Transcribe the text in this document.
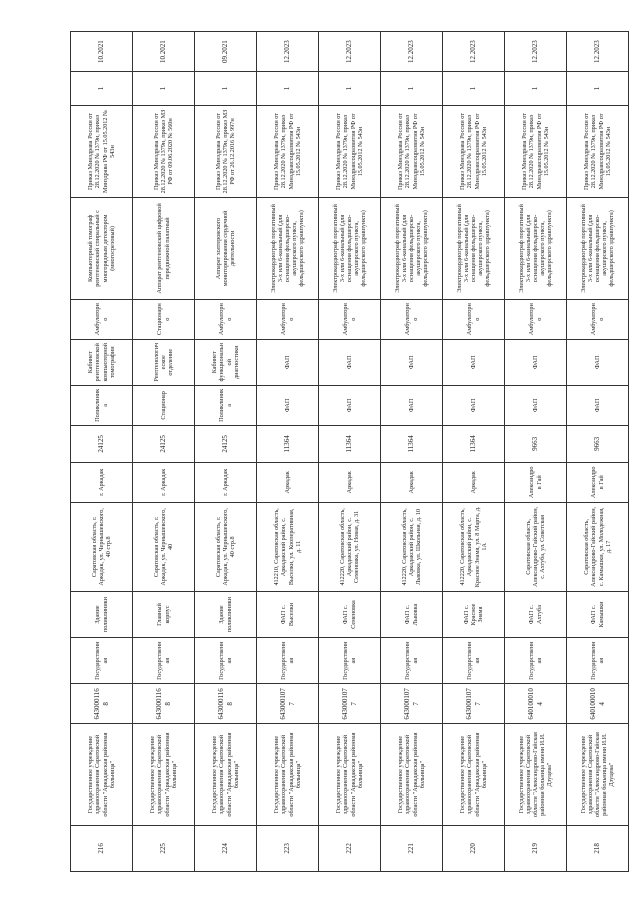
216	Государственное учреждение здравоохранения Саратовской области "Аркадакская районная больница"	6430001168	Государственная	Здание поликлиники	Саратовская область, г. Аркадак, ул. Чернышевского, 40 стр.8	г. Аркадак	24125	Поликлиника	Кабинет рентгеновской компьютерной томографии	Амбулаторно	Компьютерный томограф рентгеновский спиральный с многорядным детектором (многосрезовый)	Приказ Минздрава России от 28.12.2020 № 1379н, приказ Минздрава РФ от 15.05.2012 № 543н	1	10.2021
225	Государственное учреждение здравоохранения Саратовской области "Аркадакская районная больница"	6430001168	Государственная	Главный корпус	Саратовская область, г. Аркадак, ул. Чернышевского, 40	г. Аркадак	24125	Стационар	Рентгенологическое отделение	Стационарно	Аппарат рентгеновский цифровой передвижной палатный	Приказ Минздрава России от 28.12.2020 № 1379н, приказ МЗ РФ от 09.06.2020 № 560н	1	10.2021
224	Государственное учреждение здравоохранения Саратовской области "Аркадакская районная больница"	6430001168	Государственная	Здание поликлиники	Саратовская область, г. Аркадак, ул. Чернышевского, 40 стр.8	г. Аркадак	24125	Поликлиника	Кабинет функциональной диагностики	Амбулаторно	Аппарат холтеровского мониторирования сердечной деятельности	Приказ Минздрава России от 28.12.2020 № 1379н, приказ МЗ РФ от 26.12.2016 № 997н	1	09.2021
223	Государственное учреждение здравоохранения Саратовской области "Аркадакская районная больница"	6430001077	Государственная	ФАП с. Выселки	412210, Саратовская область, Аркадакский район, с. Выселки, ул. Кооперативная, д. 11	Аркадак	11364	ФАП	ФАП	Амбулаторно	Электрокардиограф портативный 3-х или 6-канальный (для оснащения фельдшерско-акушерского пункта, фельдшерского здравпункта)	Приказ Минздрава России от 28.12.2020 № 1379н, приказ Минздравсоцразвития РФ от 15.05.2012 № 543н	1	12.2023
222	Государственное учреждение здравоохранения Саратовской области "Аркадакская районная больница"	6430001077	Государственная	ФАП с. Семеновка	412220, Саратовская область, Аркадакский район, с. Семеновка, ул. Новая, д. 31	Аркадак	11364	ФАП	ФАП	Амбулаторно	Электрокардиограф портативный 3-х или 6-канальный (для оснащения фельдшерско-акушерского пункта, фельдшерского здравпункта)	Приказ Минздрава России от 28.12.2020 № 1379н, приказ Минздравсоцразвития РФ от 15.05.2012 № 543н	1	12.2023
221	Государственное учреждение здравоохранения Саратовской области "Аркадакская районная больница"	6430001077	Государственная	ФАП с. Львовка	412220, Саратовская область, Аркадакский район, с. Львовка, ул. Школьная, д. 10	Аркадак	11364	ФАП	ФАП	Амбулаторно	Электрокардиограф портативный 3-х или 6-канальный (для оснащения фельдшерско-акушерского пункта, фельдшерского здравпункта)	Приказ Минздрава России от 28.12.2020 № 1379н, приказ Минздравсоцразвития РФ от 15.05.2012 № 543н	1	12.2023
220	Государственное учреждение здравоохранения Саратовской области "Аркадакская районная больница"	6430001077	Государственная	ФАП с. Красное Знамя	412220, Саратовская область, Аркадакский район, с. Красное Знамя, ул. 8 Марта, д. 1А	Аркадак	11364	ФАП	ФАП	Амбулаторно	Электрокардиограф портативный 3-х или 6-канальный (для оснащения фельдшерско-акушерского пункта, фельдшерского здравпункта)	Приказ Минздрава России от 28.12.2020 № 1379н, приказ Минздравсоцразвития РФ от 15.05.2012 № 543н	1	12.2023
219	Государственное учреждение здравоохранения Саратовской области "Александрово-Гайская районная больница имени И.И. Дзуцева"	6401000104	Государственная	ФАП с. Ахтуба	Саратовская область, Александрово-Гайский район, с. Ахтуба, ул. Советская	Александров Гай	9663	ФАП	ФАП	Амбулаторно	Электрокардиограф портативный 3-х или 6-канальный (для оснащения фельдшерско-акушерского пункта, фельдшерского здравпункта)	Приказ Минздрава России от 28.12.2020 № 1379н, приказ Минздравсоцразвития РФ от 15.05.2012 № 543н	1	12.2023
218	Государственное учреждение здравоохранения Саратовской области "Александрово-Гайская районная больница имени И.И. Дзуцева"	6401000104	Государственная	ФАП с. Камышки	Саратовская область, Александрово-Гайский район, с. Камышки, ул. Молодежная, д. 17	Александров Гай	9663	ФАП	ФАП	Амбулаторно	Электрокардиограф портативный 3-х или 6-канальный (для оснащения фельдшерско-акушерского пункта, фельдшерского здравпункта)	Приказ Минздрава России от 28.12.2020 № 1379н, приказ Минздравсоцразвития РФ от 15.05.2012 № 543н	1	12.2023
